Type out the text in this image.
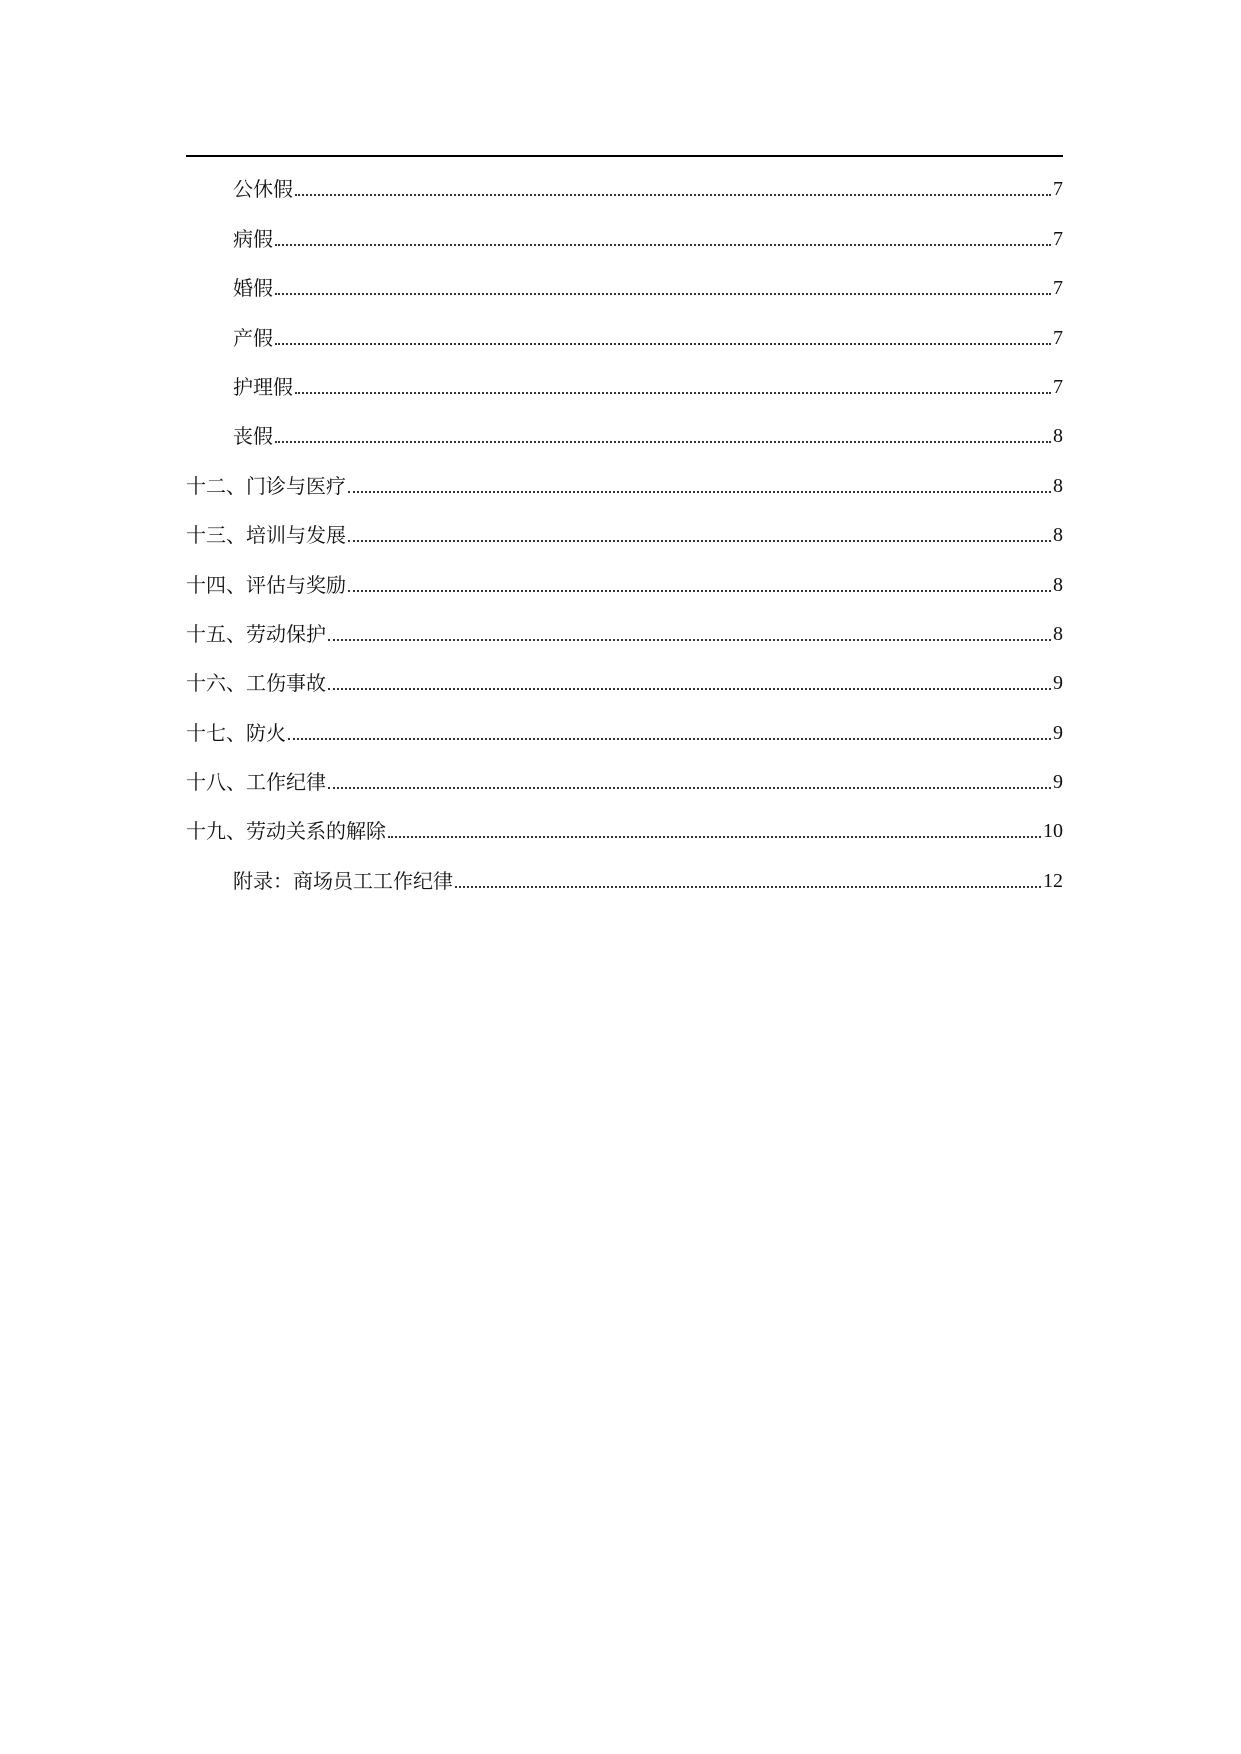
公休假	7
病假	7
婚假	7
产假	7
护理假	7
丧假	8
十二、门诊与医疗	8
十三、培训与发展	8
十四、评估与奖励	8
十五、劳动保护	8
十六、工伤事故	9
十七、防火	9
十八、工作纪律	9
十九、劳动关系的解除	10
附录：商场员工工作纪律	12
